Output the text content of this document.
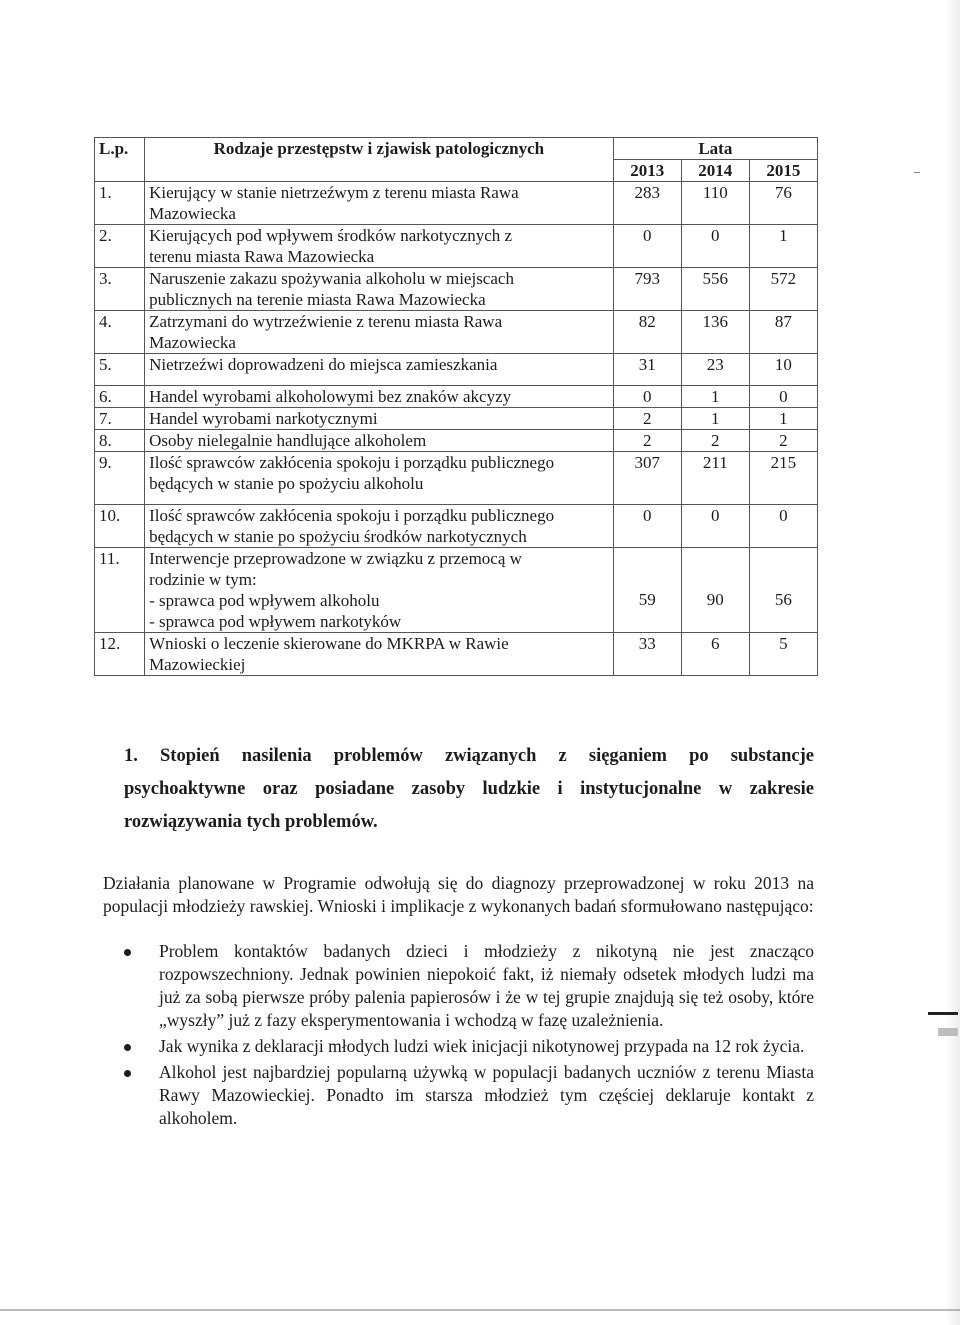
L.p.	Rodzaje przestępstw i zjawisk patologicznych	Lata		
		2013	2014	2015
1.	Kierujący w stanie nietrzeźwym z terenu miasta Rawa
Mazowiecka	283	110	76
2.	Kierujących pod wpływem środków narkotycznych z
terenu miasta Rawa Mazowiecka	0	0	1
3.	Naruszenie zakazu spożywania alkoholu w miejscach
publicznych na terenie miasta Rawa Mazowiecka	793	556	572
4.	Zatrzymani do wytrzeźwienie z terenu miasta Rawa
Mazowiecka	82	136	87
5.	Nietrzeźwi doprowadzeni do miejsca zamieszkania	31	23	10
6.	Handel wyrobami alkoholowymi bez znaków akcyzy	0	1	0
7.	Handel wyrobami narkotycznymi	2	1	1
8.	Osoby nielegalnie handlujące alkoholem	2	2	2
9.	Ilość sprawców zakłócenia spokoju i porządku publicznego
będących w stanie po spożyciu alkoholu	307	211	215
10.	Ilość sprawców zakłócenia spokoju i porządku publicznego
będących w stanie po spożyciu środków narkotycznych	0	0	0
11.	Interwencje przeprowadzone w związku z przemocą w
rodzinie w tym:
- sprawca pod wpływem alkoholu
- sprawca pod wpływem narkotyków	59	90	56
12.	Wnioski o leczenie skierowane do MKRPA w Rawie
Mazowieckiej	33	6	5
1. Stopień nasilenia problemów związanych z sięganiem po substancje psychoaktywne oraz posiadane zasoby ludzkie i instytucjonalne w zakresie rozwiązywania tych problemów.
Działania planowane w Programie odwołują się do diagnozy przeprowadzonej w roku 2013 na populacji młodzieży rawskiej. Wnioski i implikacje z wykonanych badań sformułowano następująco:
Problem kontaktów badanych dzieci i młodzieży z nikotyną nie jest znacząco rozpowszechniony. Jednak powinien niepokoić fakt, iż niemały odsetek młodych ludzi ma już za sobą pierwsze próby palenia papierosów i że w tej grupie znajdują się też osoby, które „wyszły” już z fazy eksperymentowania i wchodzą w fazę uzależnienia.
Jak wynika z deklaracji młodych ludzi wiek inicjacji nikotynowej przypada na 12 rok życia.
Alkohol jest najbardziej popularną używką w populacji badanych uczniów z terenu Miasta Rawy Mazowieckiej. Ponadto im starsza młodzież tym częściej deklaruje kontakt z alkoholem.
